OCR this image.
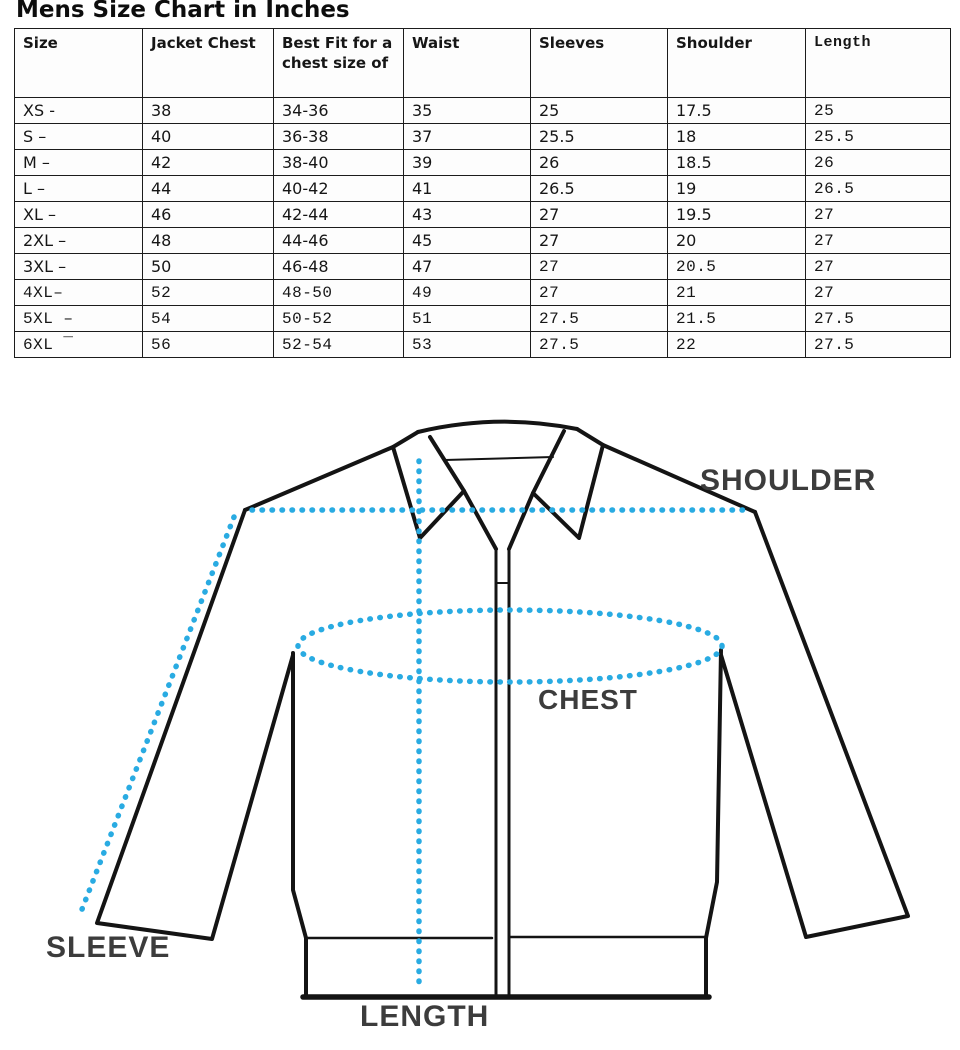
Mens Size Chart in Inches
Size	Jacket Chest	Best Fit for a chest size of	Waist	Sleeves	Shoulder	Length
XS -	38	34-36	35	25	17.5	25
S –	40	36-38	37	25.5	18	25.5
M –	42	38-40	39	26	18.5	26
L –	44	40-42	41	26.5	19	26.5
XL –	46	42-44	43	27	19.5	27
2XL –	48	44-46	45	27	20	27
3XL –	50	46-48	47	27	20.5	27
4XL–	52	48-50	49	27	21	27
5XL –	54	50-52	51	27.5	21.5	27.5
6XL ¯	56	52-54	53	27.5	22	27.5
SHOULDER
CHEST
SLEEVE
LENGTH
